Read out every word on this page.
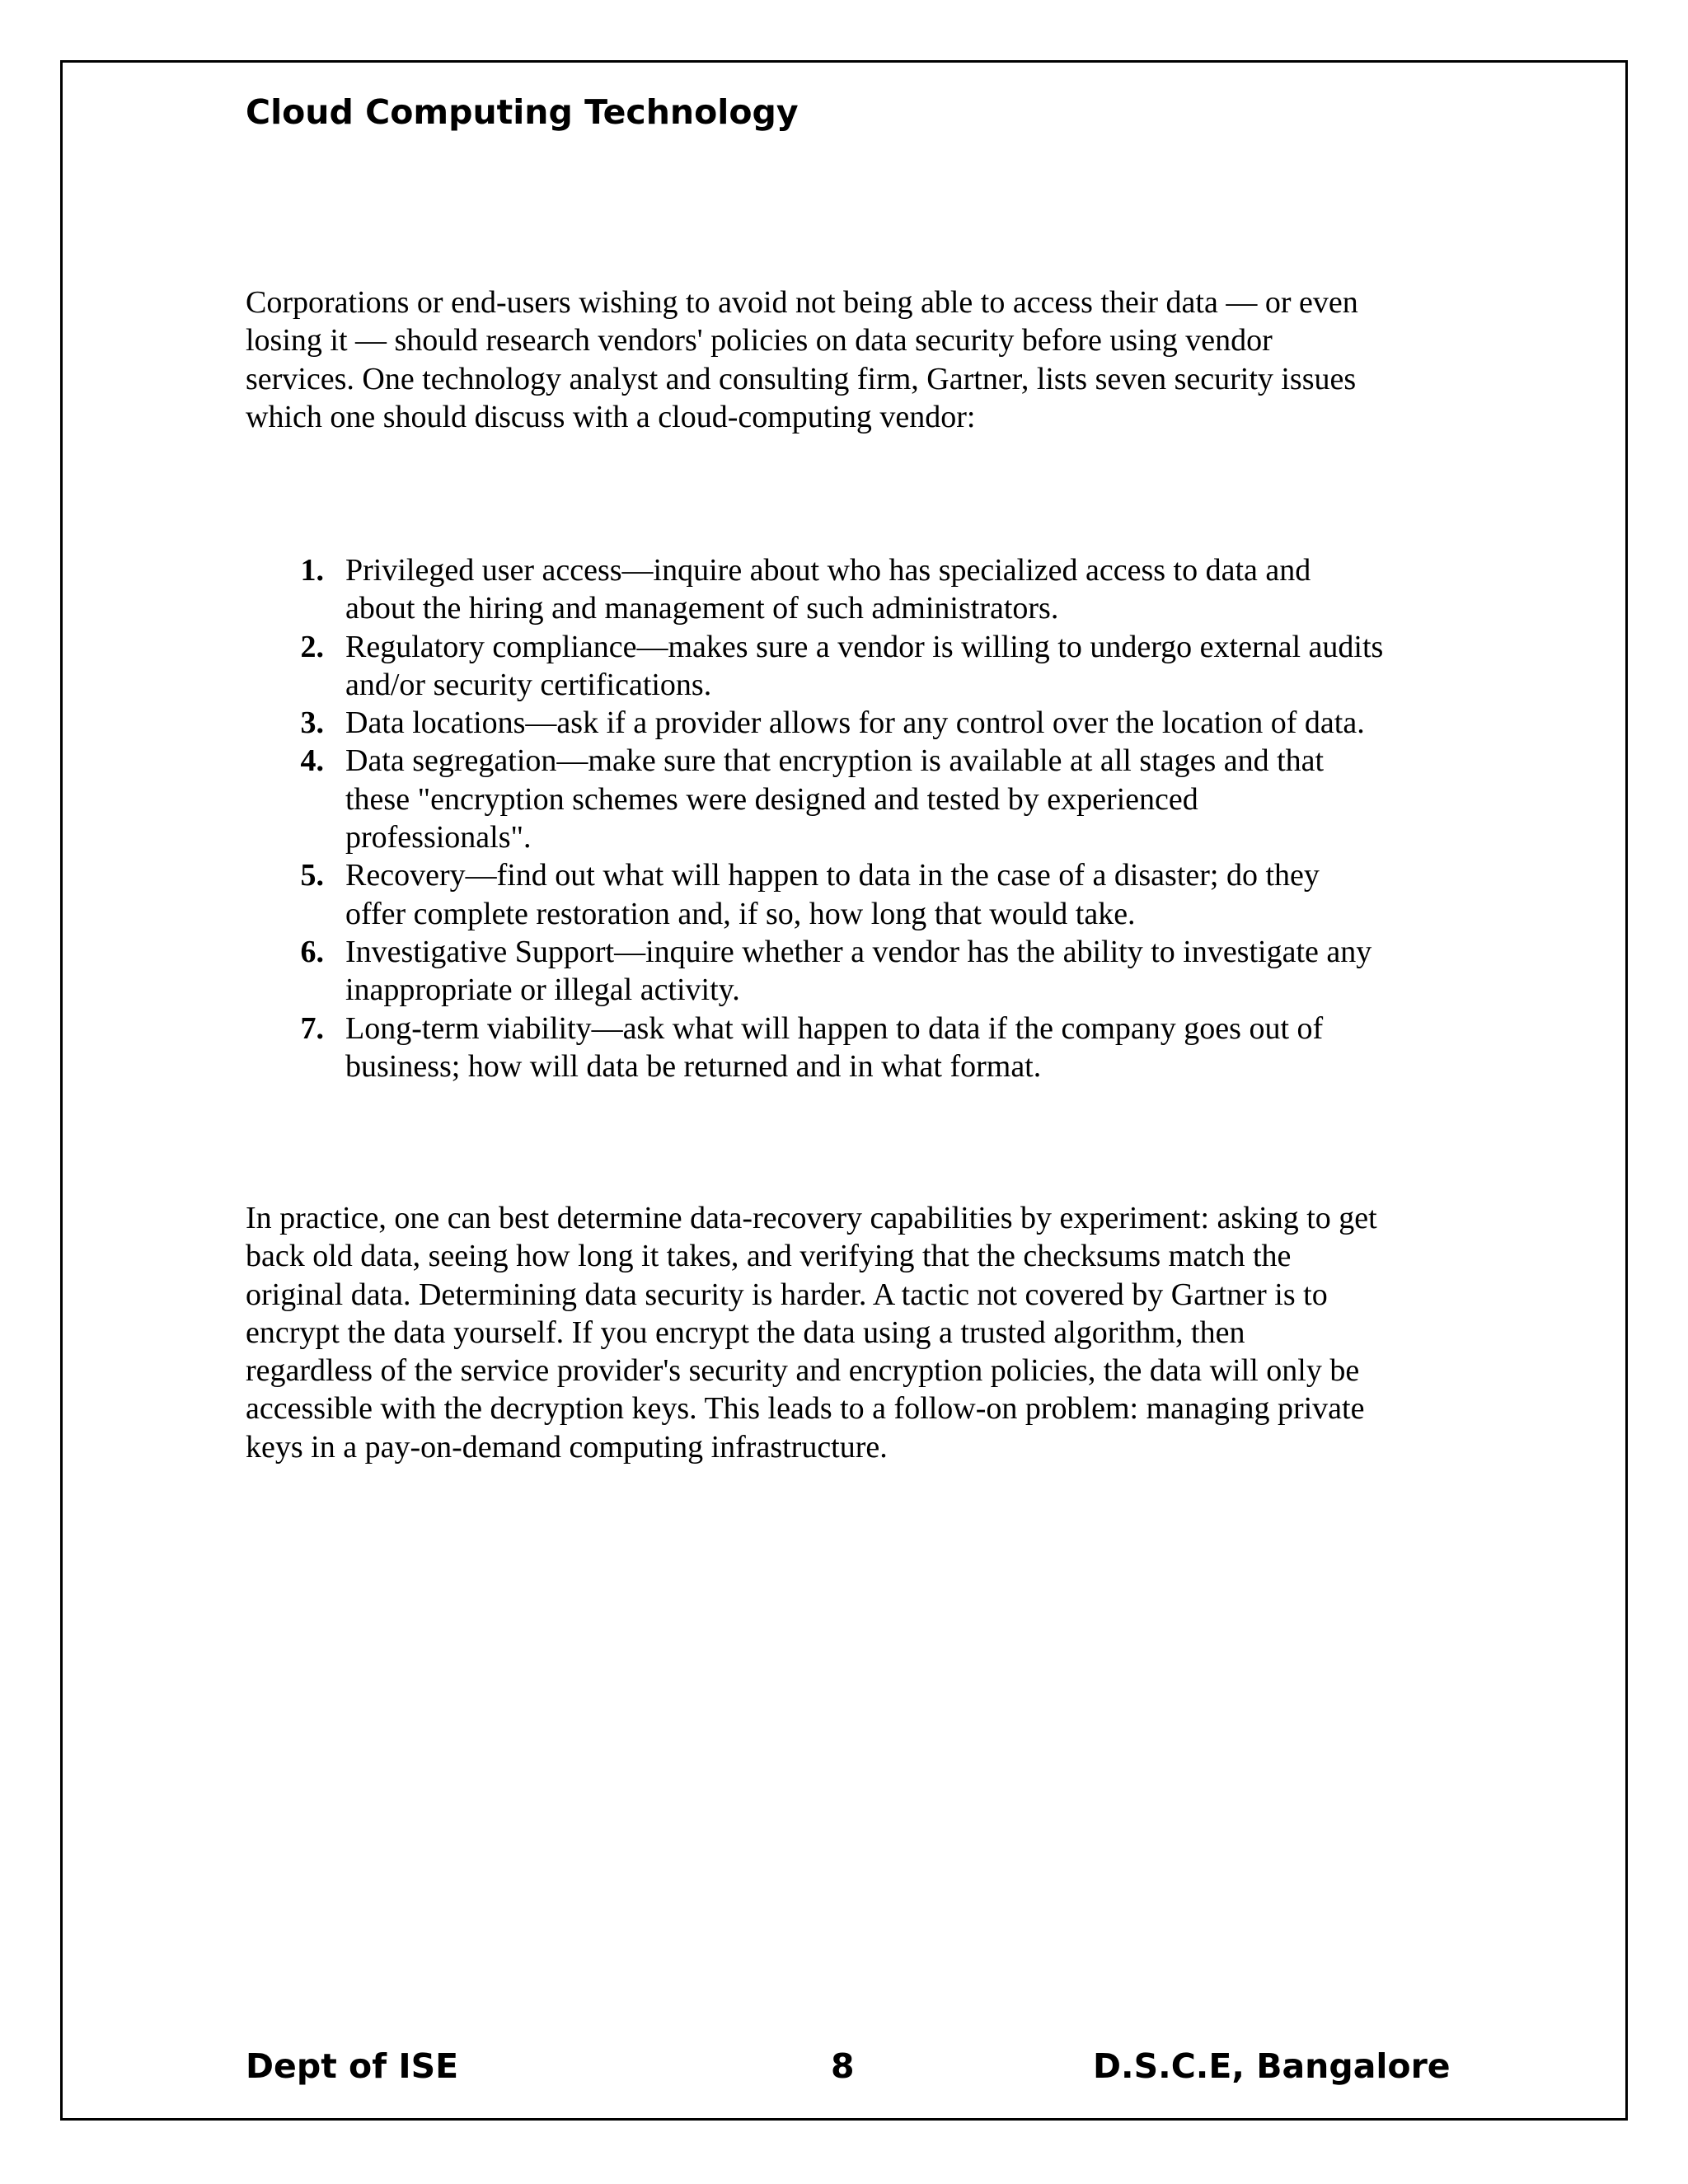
Cloud Computing Technology
Corporations or end-users wishing to avoid not being able to access their data — or even
losing it — should research vendors' policies on data security before using vendor
services. One technology analyst and consulting firm, Gartner, lists seven security issues
which one should discuss with a cloud-computing vendor:
1. Privileged user access—inquire about who has specialized access to data and
about the hiring and management of such administrators.
2. Regulatory compliance—makes sure a vendor is willing to undergo external audits
and/or security certifications.
3. Data locations—ask if a provider allows for any control over the location of data.
4. Data segregation—make sure that encryption is available at all stages and that
these "encryption schemes were designed and tested by experienced
professionals".
5. Recovery—find out what will happen to data in the case of a disaster; do they
offer complete restoration and, if so, how long that would take.
6. Investigative Support—inquire whether a vendor has the ability to investigate any
inappropriate or illegal activity.
7. Long-term viability—ask what will happen to data if the company goes out of
business; how will data be returned and in what format.
In practice, one can best determine data-recovery capabilities by experiment: asking to get
back old data, seeing how long it takes, and verifying that the checksums match the
original data. Determining data security is harder. A tactic not covered by Gartner is to
encrypt the data yourself. If you encrypt the data using a trusted algorithm, then
regardless of the service provider's security and encryption policies, the data will only be
accessible with the decryption keys. This leads to a follow-on problem: managing private
keys in a pay-on-demand computing infrastructure.
Dept of ISE	8	D.S.C.E, Bangalore
